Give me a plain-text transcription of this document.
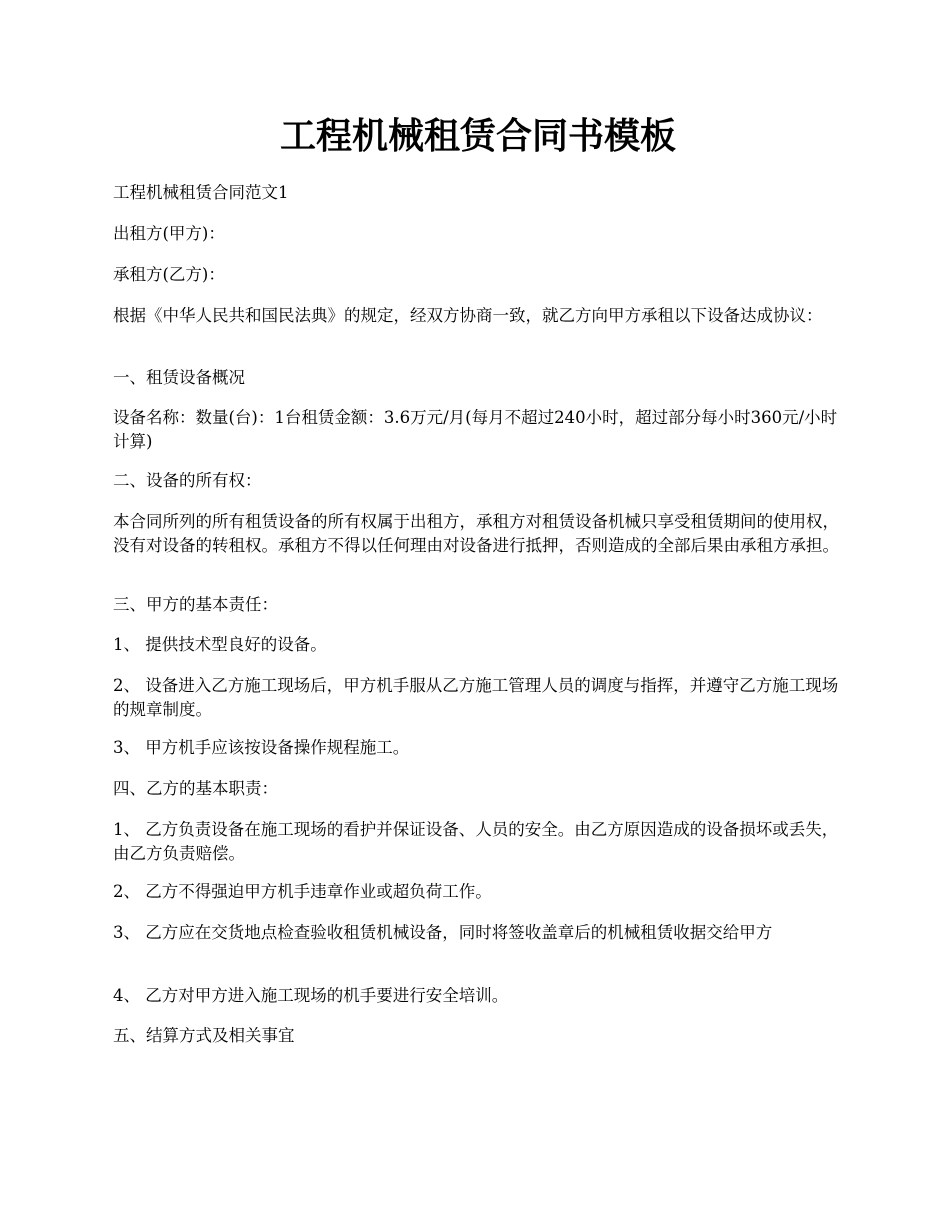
工程机械租赁合同书模板

工程机械租赁合同范文1

出租方(甲方)：

承租方(乙方)：

根据《中华人民共和国民法典》的规定，经双方协商一致，就乙方向甲方承租以下设备达成协议：

一、租赁设备概况

设备名称：数量(台)：1台租赁金额：3.6万元/月(每月不超过240小时，超过部分每小时360元/小时计算)

二、设备的所有权：

本合同所列的所有租赁设备的所有权属于出租方，承租方对租赁设备机械只享受租赁期间的使用权，没有对设备的转租权。承租方不得以任何理由对设备进行抵押，否则造成的全部后果由承租方承担。

三、甲方的基本责任：

1、 提供技术型良好的设备。

2、 设备进入乙方施工现场后，甲方机手服从乙方施工管理人员的调度与指挥，并遵守乙方施工现场的规章制度。

3、 甲方机手应该按设备操作规程施工。

四、乙方的基本职责：

1、 乙方负责设备在施工现场的看护并保证设备、人员的安全。由乙方原因造成的设备损坏或丢失，由乙方负责赔偿。

2、 乙方不得强迫甲方机手违章作业或超负荷工作。

3、 乙方应在交货地点检查验收租赁机械设备，同时将签收盖章后的机械租赁收据交给甲方

4、 乙方对甲方进入施工现场的机手要进行安全培训。

五、结算方式及相关事宜
